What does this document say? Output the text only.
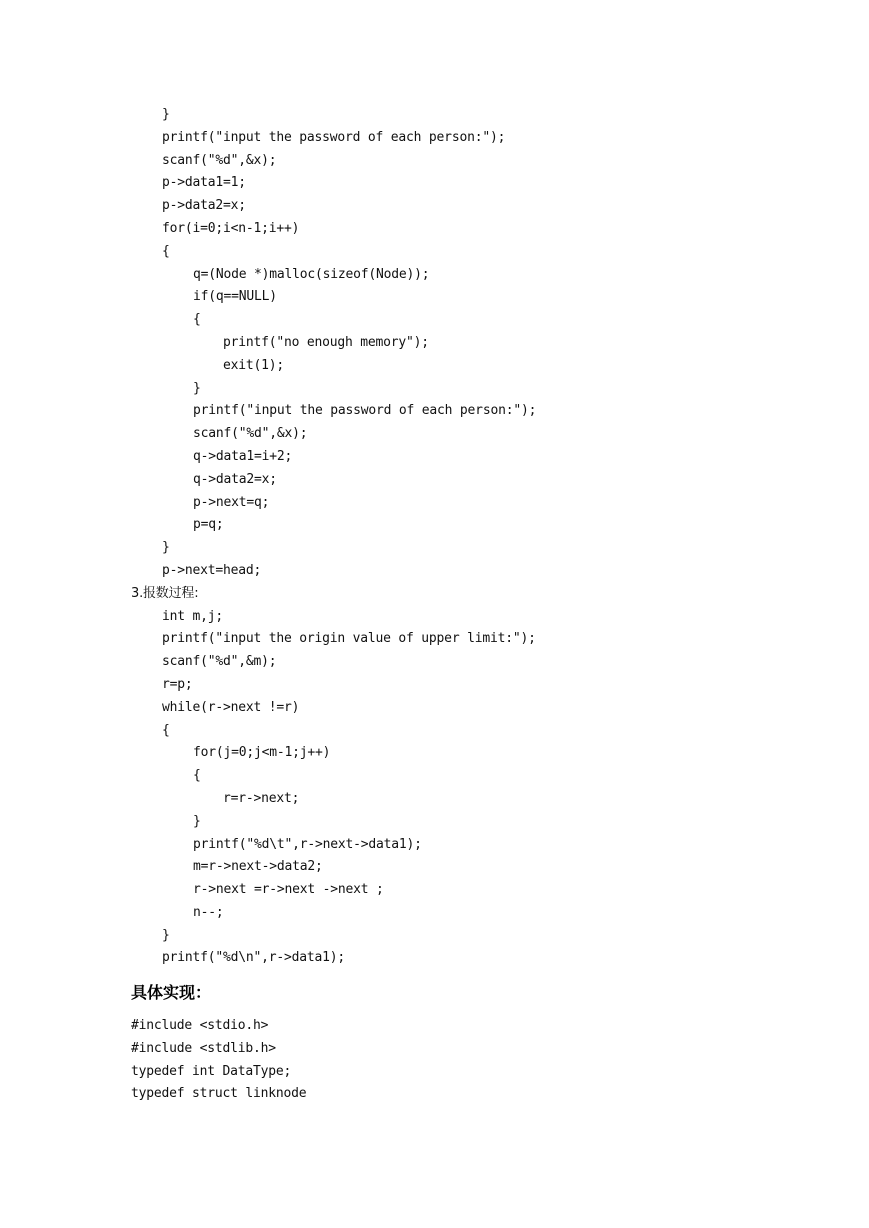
}
printf("input the password of each person:");
scanf("%d",&x);
p->data1=1;
p->data2=x;
for(i=0;i<n-1;i++)
{
q=(Node *)malloc(sizeof(Node));
if(q==NULL)
{
printf("no enough memory");
exit(1);
}
printf("input the password of each person:");
scanf("%d",&x);
q->data1=i+2;
q->data2=x;
p->next=q;
p=q;
}
p->next=head;
3.报数过程:
int m,j;
printf("input the origin value of upper limit:");
scanf("%d",&m);
r=p;
while(r->next !=r)
{
for(j=0;j<m-1;j++)
{
r=r->next;
}
printf("%d\t",r->next->data1);
m=r->next->data2;
r->next =r->next ->next ;
n--;
}
printf("%d\n",r->data1);
具体实现：
#include <stdio.h>
#include <stdlib.h>
typedef int DataType;
typedef struct linknode
